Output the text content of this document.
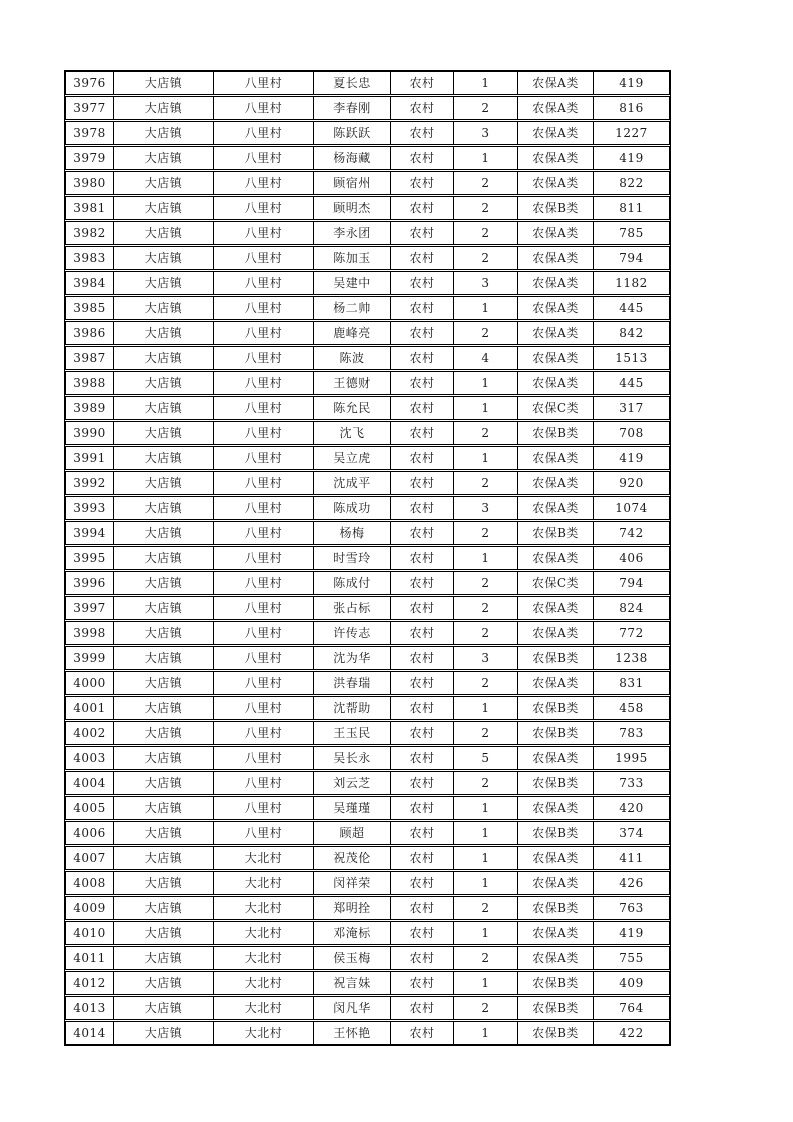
3976	大店镇	八里村	夏长忠	农村	1	农保A类	419
3977	大店镇	八里村	李春刚	农村	2	农保A类	816
3978	大店镇	八里村	陈跃跃	农村	3	农保A类	1227
3979	大店镇	八里村	杨海藏	农村	1	农保A类	419
3980	大店镇	八里村	顾宿州	农村	2	农保A类	822
3981	大店镇	八里村	顾明杰	农村	2	农保B类	811
3982	大店镇	八里村	李永团	农村	2	农保A类	785
3983	大店镇	八里村	陈加玉	农村	2	农保A类	794
3984	大店镇	八里村	吴建中	农村	3	农保A类	1182
3985	大店镇	八里村	杨二帅	农村	1	农保A类	445
3986	大店镇	八里村	鹿峰亮	农村	2	农保A类	842
3987	大店镇	八里村	陈波	农村	4	农保A类	1513
3988	大店镇	八里村	王德财	农村	1	农保A类	445
3989	大店镇	八里村	陈允民	农村	1	农保C类	317
3990	大店镇	八里村	沈飞	农村	2	农保B类	708
3991	大店镇	八里村	吴立虎	农村	1	农保A类	419
3992	大店镇	八里村	沈成平	农村	2	农保A类	920
3993	大店镇	八里村	陈成功	农村	3	农保A类	1074
3994	大店镇	八里村	杨梅	农村	2	农保B类	742
3995	大店镇	八里村	时雪玲	农村	1	农保A类	406
3996	大店镇	八里村	陈成付	农村	2	农保C类	794
3997	大店镇	八里村	张占标	农村	2	农保A类	824
3998	大店镇	八里村	许传志	农村	2	农保A类	772
3999	大店镇	八里村	沈为华	农村	3	农保B类	1238
4000	大店镇	八里村	洪春瑞	农村	2	农保A类	831
4001	大店镇	八里村	沈帮助	农村	1	农保B类	458
4002	大店镇	八里村	王玉民	农村	2	农保B类	783
4003	大店镇	八里村	吴长永	农村	5	农保A类	1995
4004	大店镇	八里村	刘云芝	农村	2	农保B类	733
4005	大店镇	八里村	吴瑾瑾	农村	1	农保A类	420
4006	大店镇	八里村	顾超	农村	1	农保B类	374
4007	大店镇	大北村	祝茂伦	农村	1	农保A类	411
4008	大店镇	大北村	闵祥荣	农村	1	农保A类	426
4009	大店镇	大北村	郑明拴	农村	2	农保B类	763
4010	大店镇	大北村	邓淹标	农村	1	农保A类	419
4011	大店镇	大北村	侯玉梅	农村	2	农保A类	755
4012	大店镇	大北村	祝言妹	农村	1	农保B类	409
4013	大店镇	大北村	闵凡华	农村	2	农保B类	764
4014	大店镇	大北村	王怀艳	农村	1	农保B类	422
